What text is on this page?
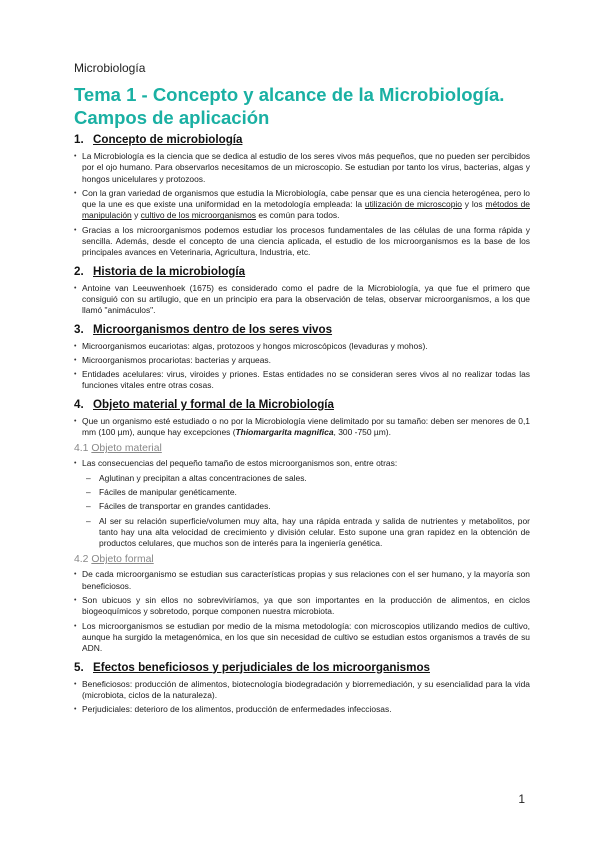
Microbiología
Tema 1 - Concepto y alcance de la Microbiología. Campos de aplicación
1. Concepto de microbiología
• La Microbiología es la ciencia que se dedica al estudio de los seres vivos más pequeños, que no pueden ser percibidos por el ojo humano. Para observarlos necesitamos de un microscopio. Se estudian por tanto los virus, bacterias, algas y hongos unicelulares y protozoos.
• Con la gran variedad de organismos que estudia la Microbiología, cabe pensar que es una ciencia heterogénea, pero lo que la une es que existe una uniformidad en la metodología empleada: la utilización de microscopio y los métodos de manipulación y cultivo de los microorganismos es común para todos.
• Gracias a los microorganismos podemos estudiar los procesos fundamentales de las células de una forma rápida y sencilla. Además, desde el concepto de una ciencia aplicada, el estudio de los microorganismos es la base de los principales avances en Veterinaria, Agricultura, Industria, etc.
2. Historia de la microbiología
• Antoine van Leeuwenhoek (1675) es considerado como el padre de la Microbiología, ya que fue el primero que consiguió con su artilugio, que en un principio era para la observación de telas, observar microorganismos, a los que llamó "animáculos".
3. Microorganismos dentro de los seres vivos
• Microorganismos eucariotas: algas, protozoos y hongos microscópicos (levaduras y mohos).
• Microorganismos procariotas: bacterias y arqueas.
• Entidades acelulares: virus, viroides y priones. Estas entidades no se consideran seres vivos al no realizar todas las funciones vitales entre otras cosas.
4. Objeto material y formal de la Microbiología
• Que un organismo esté estudiado o no por la Microbiología viene delimitado por su tamaño: deben ser menores de 0,1 mm (100 µm), aunque hay excepciones (Thiomargarita magnifica, 300 -750 µm).
4.1 Objeto material
• Las consecuencias del pequeño tamaño de estos microorganismos son, entre otras:
– Aglutinan y precipitan a altas concentraciones de sales.
– Fáciles de manipular genéticamente.
– Fáciles de transportar en grandes cantidades.
– Al ser su relación superficie/volumen muy alta, hay una rápida entrada y salida de nutrientes y metabolitos, por tanto hay una alta velocidad de crecimiento y división celular. Esto supone una gran rapidez en la obtención de productos celulares, que muchos son de interés para la ingeniería genética.
4.2 Objeto formal
• De cada microorganismo se estudian sus características propias y sus relaciones con el ser humano, y la mayoría son beneficiosos.
• Son ubicuos y sin ellos no sobreviviríamos, ya que son importantes en la producción de alimentos, en ciclos biogeoquímicos y sobretodo, porque componen nuestra microbiota.
• Los microorganismos se estudian por medio de la misma metodología: con microscopios utilizando medios de cultivo, aunque ha surgido la metagenómica, en los que sin necesidad de cultivo se estudian estos organismos a través de su ADN.
5. Efectos beneficiosos y perjudiciales de los microorganismos
• Beneficiosos: producción de alimentos, biotecnología biodegradación y biorremediación, y su esencialidad para la vida (microbiota, ciclos de la naturaleza).
• Perjudiciales: deterioro de los alimentos, producción de enfermedades infecciosas.
1
